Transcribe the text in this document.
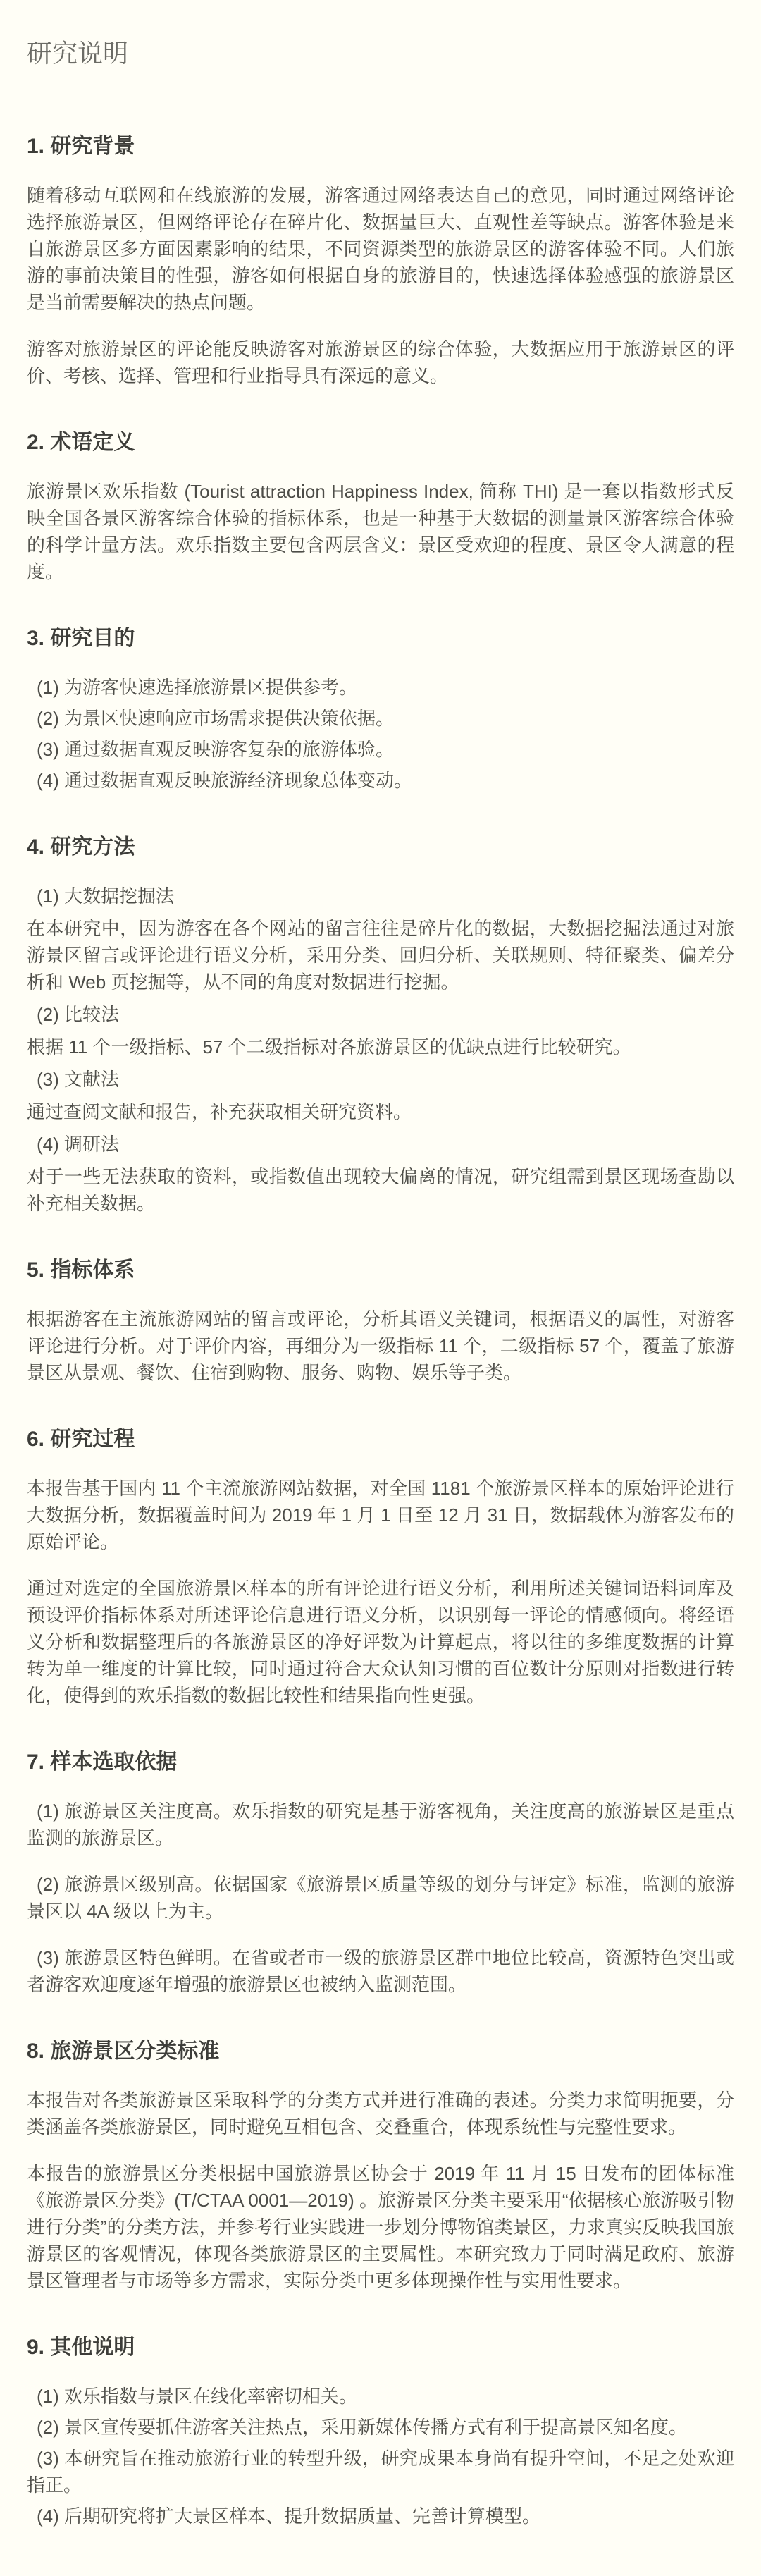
研究说明
1. 研究背景

随着移动互联网和在线旅游的发展，游客通过网络表达自己的意见，同时通过网络评论选择旅游景区，但网络评论存在碎片化、数据量巨大、直观性差等缺点。游客体验是来自旅游景区多方面因素影响的结果，不同资源类型的旅游景区的游客体验不同。人们旅游的事前决策目的性强，游客如何根据自身的旅游目的，快速选择体验感强的旅游景区是当前需要解决的热点问题。

游客对旅游景区的评论能反映游客对旅游景区的综合体验，大数据应用于旅游景区的评价、考核、选择、管理和行业指导具有深远的意义。

2. 术语定义

旅游景区欢乐指数 (Tourist attraction Happiness Index, 简称 THI) 是一套以指数形式反映全国各景区游客综合体验的指标体系，也是一种基于大数据的测量景区游客综合体验的科学计量方法。欢乐指数主要包含两层含义：景区受欢迎的程度、景区令人满意的程度。

3. 研究目的

(1) 为游客快速选择旅游景区提供参考。

(2) 为景区快速响应市场需求提供决策依据。

(3) 通过数据直观反映游客复杂的旅游体验。

(4) 通过数据直观反映旅游经济现象总体变动。

4. 研究方法

(1) 大数据挖掘法

在本研究中，因为游客在各个网站的留言往往是碎片化的数据，大数据挖掘法通过对旅游景区留言或评论进行语义分析，采用分类、回归分析、关联规则、特征聚类、偏差分析和 Web 页挖掘等，从不同的角度对数据进行挖掘。

(2) 比较法

根据 11 个一级指标、57 个二级指标对各旅游景区的优缺点进行比较研究。

(3) 文献法

通过查阅文献和报告，补充获取相关研究资料。

(4) 调研法

对于一些无法获取的资料，或指数值出现较大偏离的情况，研究组需到景区现场查勘以补充相关数据。

5. 指标体系

根据游客在主流旅游网站的留言或评论，分析其语义关键词，根据语义的属性，对游客评论进行分析。对于评价内容，再细分为一级指标 11 个，二级指标 57 个，覆盖了旅游景区从景观、餐饮、住宿到购物、服务、购物、娱乐等子类。

6. 研究过程

本报告基于国内 11 个主流旅游网站数据，对全国 1181 个旅游景区样本的原始评论进行大数据分析，数据覆盖时间为 2019 年 1 月 1 日至 12 月 31 日，数据载体为游客发布的原始评论。

通过对选定的全国旅游景区样本的所有评论进行语义分析，利用所述关键词语料词库及预设评价指标体系对所述评论信息进行语义分析，以识别每一评论的情感倾向。将经语义分析和数据整理后的各旅游景区的净好评数为计算起点，将以往的多维度数据的计算转为单一维度的计算比较，同时通过符合大众认知习惯的百位数计分原则对指数进行转化，使得到的欢乐指数的数据比较性和结果指向性更强。

7. 样本选取依据

(1) 旅游景区关注度高。欢乐指数的研究是基于游客视角，关注度高的旅游景区是重点监测的旅游景区。

(2) 旅游景区级别高。依据国家《旅游景区质量等级的划分与评定》标准，监测的旅游景区以 4A 级以上为主。

(3) 旅游景区特色鲜明。在省或者市一级的旅游景区群中地位比较高，资源特色突出或者游客欢迎度逐年增强的旅游景区也被纳入监测范围。

8. 旅游景区分类标准

本报告对各类旅游景区采取科学的分类方式并进行准确的表述。分类力求简明扼要，分类涵盖各类旅游景区，同时避免互相包含、交叠重合，体现系统性与完整性要求。

本报告的旅游景区分类根据中国旅游景区协会于 2019 年 11 月 15 日发布的团体标准《旅游景区分类》(T/CTAA 0001—2019) 。旅游景区分类主要采用“依据核心旅游吸引物进行分类”的分类方法，并参考行业实践进一步划分博物馆类景区，力求真实反映我国旅游景区的客观情况，体现各类旅游景区的主要属性。本研究致力于同时满足政府、旅游景区管理者与市场等多方需求，实际分类中更多体现操作性与实用性要求。

9. 其他说明

(1) 欢乐指数与景区在线化率密切相关。

(2) 景区宣传要抓住游客关注热点，采用新媒体传播方式有利于提高景区知名度。

(3) 本研究旨在推动旅游行业的转型升级，研究成果本身尚有提升空间，不足之处欢迎指正。

(4) 后期研究将扩大景区样本、提升数据质量、完善计算模型。
